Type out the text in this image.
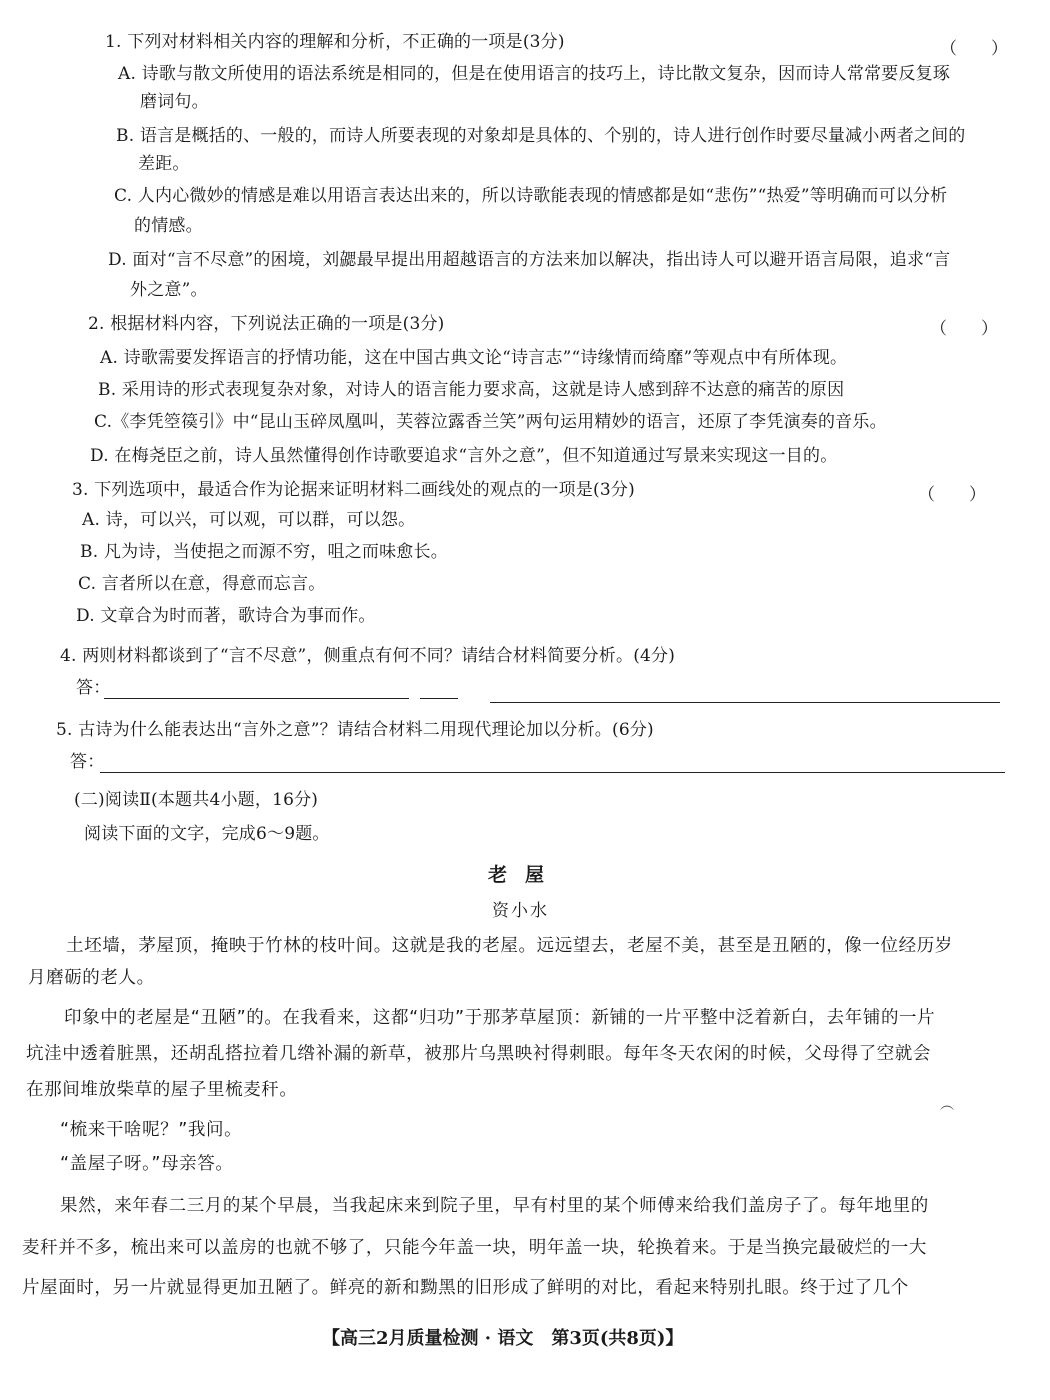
1. 下列对材料相关内容的理解和分析，不正确的一项是(3分)	（　　）
A. 诗歌与散文所使用的语法系统是相同的，但是在使用语言的技巧上，诗比散文复杂，因而诗人常常要反复琢
磨词句。
B. 语言是概括的、一般的，而诗人所要表现的对象却是具体的、个别的，诗人进行创作时要尽量减小两者之间的
差距。
C. 人内心微妙的情感是难以用语言表达出来的，所以诗歌能表现的情感都是如“悲伤”“热爱”等明确而可以分析
的情感。
D. 面对“言不尽意”的困境，刘勰最早提出用超越语言的方法来加以解决，指出诗人可以避开语言局限，追求“言
外之意”。
2. 根据材料内容，下列说法正确的一项是(3分)	（　　）
A. 诗歌需要发挥语言的抒情功能，这在中国古典文论“诗言志”“诗缘情而绮靡”等观点中有所体现。
B. 采用诗的形式表现复杂对象，对诗人的语言能力要求高，这就是诗人感到辞不达意的痛苦的原因
C.《李凭箜篌引》中“昆山玉碎凤凰叫，芙蓉泣露香兰笑”两句运用精妙的语言，还原了李凭演奏的音乐。
D. 在梅尧臣之前，诗人虽然懂得创作诗歌要追求“言外之意”，但不知道通过写景来实现这一目的。
3. 下列选项中，最适合作为论据来证明材料二画线处的观点的一项是(3分)	（　　）
A. 诗，可以兴，可以观，可以群，可以怨。
B. 凡为诗，当使挹之而源不穷，咀之而味愈长。
C. 言者所以在意，得意而忘言。
D. 文章合为时而著，歌诗合为事而作。
4. 两则材料都谈到了“言不尽意”，侧重点有何不同？请结合材料简要分析。(4分)
答：
5. 古诗为什么能表达出“言外之意”？请结合材料二用现代理论加以分析。(6分)
答：
(二)阅读Ⅱ(本题共4小题，16分)
阅读下面的文字，完成6～9题。
老屋
资小水
土坯墙，茅屋顶，掩映于竹林的枝叶间。这就是我的老屋。远远望去，老屋不美，甚至是丑陋的，像一位经历岁
月磨砺的老人。
印象中的老屋是“丑陋”的。在我看来，这都“归功”于那茅草屋顶：新铺的一片平整中泛着新白，去年铺的一片
坑洼中透着脏黑，还胡乱搭拉着几绺补漏的新草，被那片乌黑映衬得刺眼。每年冬天农闲的时候，父母得了空就会
在那间堆放柴草的屋子里梳麦秆。
︵
“梳来干啥呢？”我问。
“盖屋子呀。”母亲答。
果然，来年春二三月的某个早晨，当我起床来到院子里，早有村里的某个师傅来给我们盖房子了。每年地里的
麦秆并不多，梳出来可以盖房的也就不够了，只能今年盖一块，明年盖一块，轮换着来。于是当换完最破烂的一大
片屋面时，另一片就显得更加丑陋了。鲜亮的新和黝黑的旧形成了鲜明的对比，看起来特别扎眼。终于过了几个
【高三2月质量检测 · 语文　第3页(共8页)】
